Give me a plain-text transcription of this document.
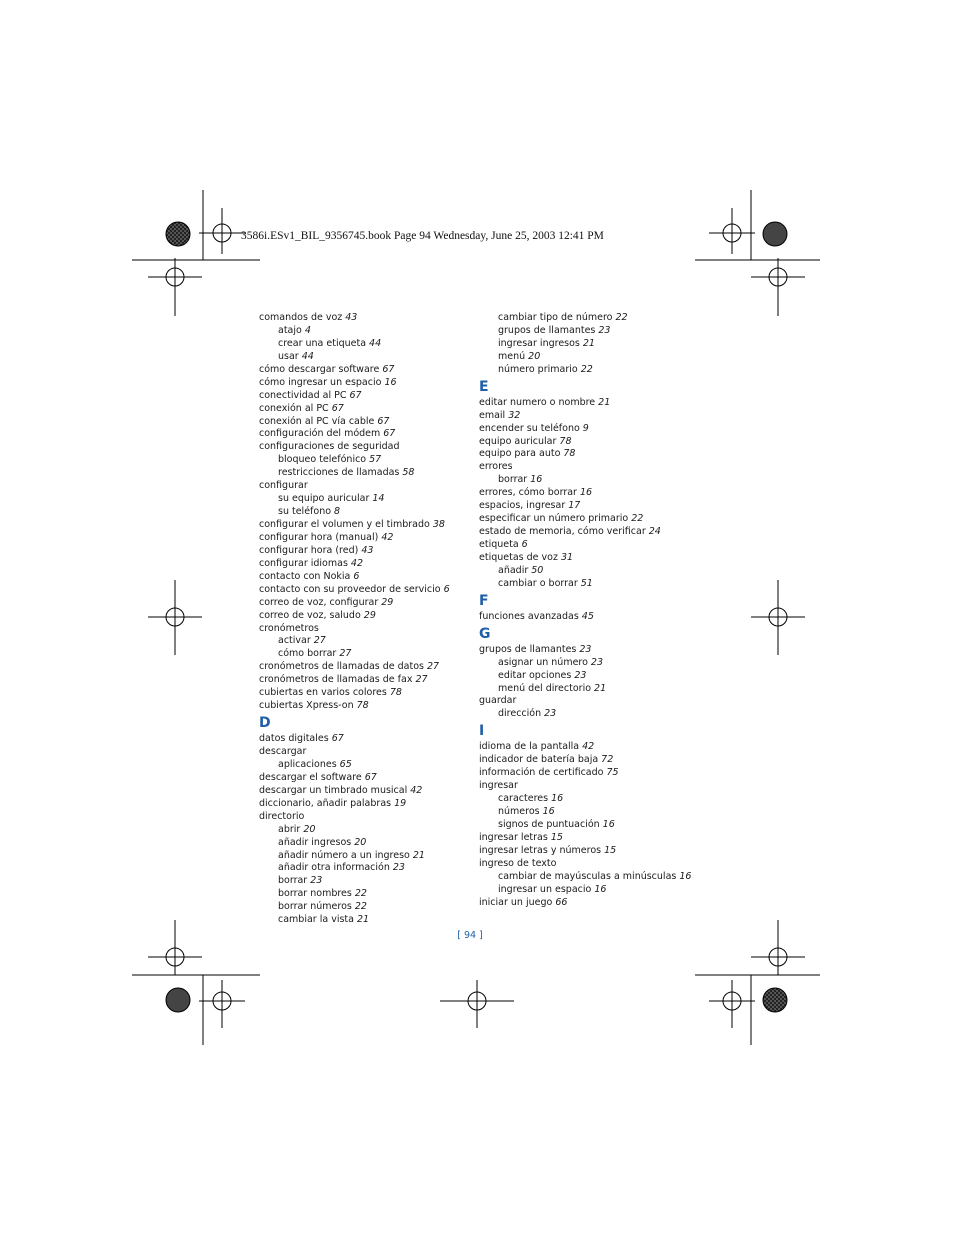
3586i.ESv1_BIL_9356745.book Page 94 Wednesday, June 25, 2003 12:41 PM
comandos de voz 43
atajo 4
crear una etiqueta 44
usar 44
cómo descargar software 67
cómo ingresar un espacio 16
conectividad al PC 67
conexión al PC 67
conexión al PC vía cable 67
configuración del módem 67
configuraciones de seguridad
bloqueo telefónico 57
restricciones de llamadas 58
configurar
su equipo auricular 14
su teléfono 8
configurar el volumen y el timbrado 38
configurar hora (manual) 42
configurar hora (red) 43
configurar idiomas 42
contacto con Nokia 6
contacto con su proveedor de servicio 6
correo de voz, configurar 29
correo de voz, saludo 29
cronómetros
activar 27
cómo borrar 27
cronómetros de llamadas de datos 27
cronómetros de llamadas de fax 27
cubiertas en varios colores 78
cubiertas Xpress-on 78
D
datos digitales 67
descargar
aplicaciones 65
descargar el software 67
descargar un timbrado musical 42
diccionario, añadir palabras 19
directorio
abrir 20
añadir ingresos 20
añadir número a un ingreso 21
añadir otra información 23
borrar 23
borrar nombres 22
borrar números 22
cambiar la vista 21
cambiar tipo de número 22
grupos de llamantes 23
ingresar ingresos 21
menú 20
número primario 22
E
editar numero o nombre 21
email 32
encender su teléfono 9
equipo auricular 78
equipo para auto 78
errores
borrar 16
errores, cómo borrar 16
espacios, ingresar 17
especificar un número primario 22
estado de memoria, cómo verificar 24
etiqueta 6
etiquetas de voz 31
añadir 50
cambiar o borrar 51
F
funciones avanzadas 45
G
grupos de llamantes 23
asignar un número 23
editar opciones 23
menú del directorio 21
guardar
dirección 23
I
idioma de la pantalla 42
indicador de batería baja 72
información de certificado 75
ingresar
caracteres 16
números 16
signos de puntuación 16
ingresar letras 15
ingresar letras y números 15
ingreso de texto
cambiar de mayúsculas a minúsculas 16
ingresar un espacio 16
iniciar un juego 66
[ 94 ]
